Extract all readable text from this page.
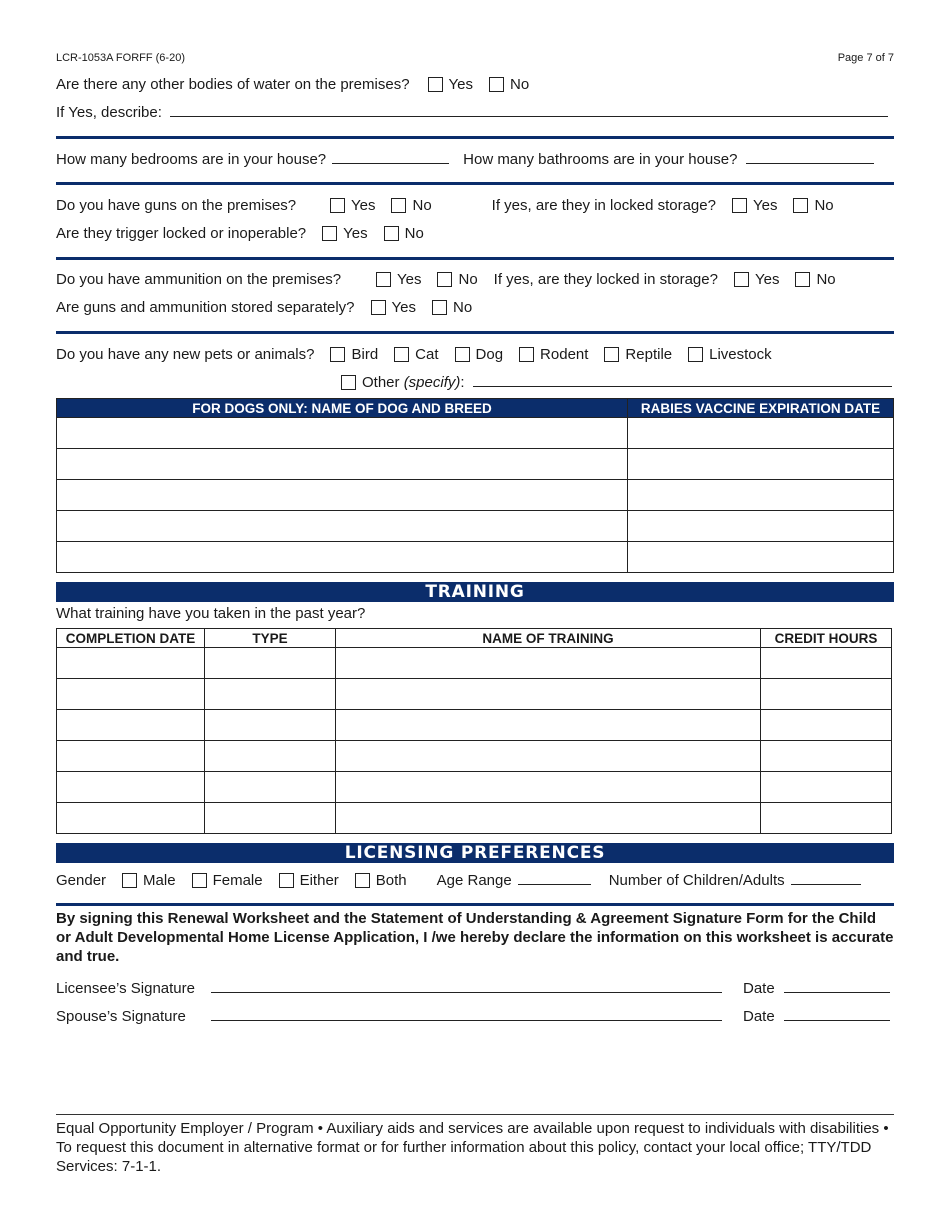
LCR-1053A FORFF (6-20)	Page 7 of 7
Are there any other bodies of water on the premises?	Yes No
If Yes, describe:
How many bedrooms are in your house?	How many bathrooms are in your house?
Do you have guns on the premises?	Yes No	If yes, are they in locked storage? Yes No
Are they trigger locked or inoperable? Yes No
Do you have ammunition on the premises?	Yes No If yes, are they locked in storage? Yes No
Are guns and ammunition stored separately? Yes No
Do you have any new pets or animals? Bird Cat Dog Rodent Reptile Livestock
Other
(specify) :
FOR DOGS ONLY: NAME OF DOG AND BREED	RABIES VACCINE EXPIRATION DATE

TRAINING
What training have you taken in the past year?
COMPLETION DATE	TYPE	NAME OF TRAINING	CREDIT HOURS

LICENSING PREFERENCES
Gender Male Female Either Both Age Range	Number of Children/Adults
By signing this Renewal Worksheet and the Statement of Understanding & Agreement Signature Form for the Child or Adult Developmental Home License Application, I /we hereby declare the information on this worksheet is accurate and true.
Licensee’s Signature	Date
Spouse’s Signature	Date
Equal Opportunity Employer / Program • Auxiliary aids and services are available upon request to individuals with disabilities • To request this document in alternative format or for further information about this policy, contact your local office; TTY/TDD Services: 7-1-1.
